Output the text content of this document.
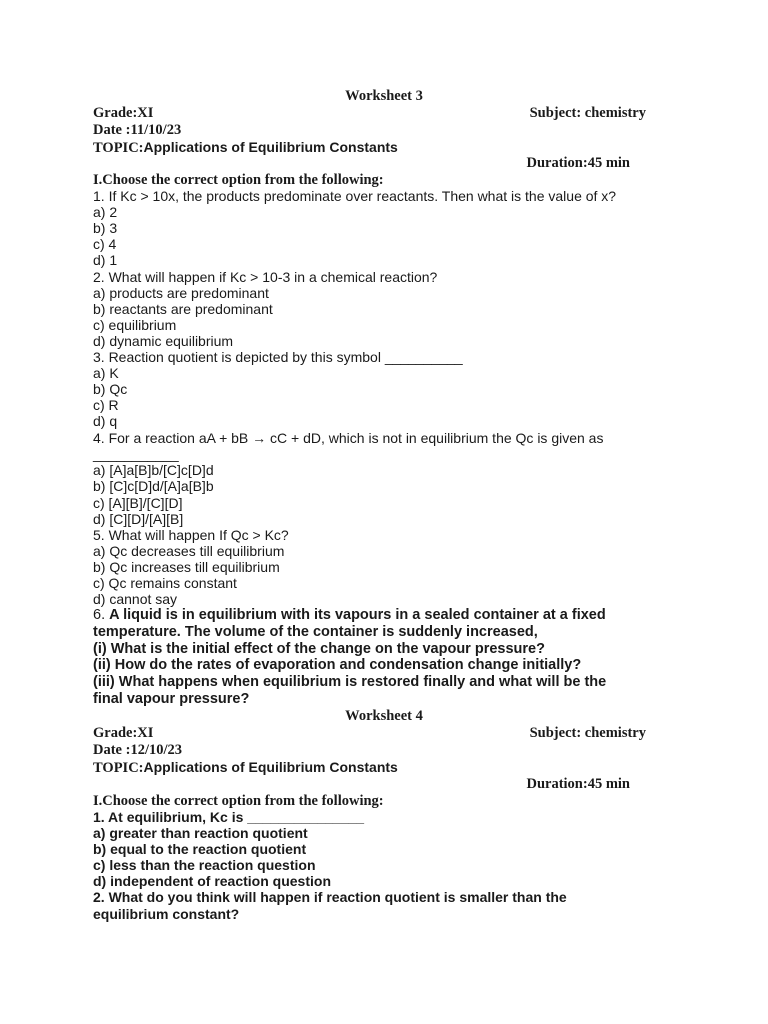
Worksheet 3
Grade:XI	Subject: chemistry
Date :11/10/23
TOPIC:Applications of Equilibrium Constants
Duration:45 min
I.Choose the correct option from the following:
1. If Kc > 10x, the products predominate over reactants. Then what is the value of x?
a) 2
b) 3
c) 4
d) 1
2. What will happen if Kc > 10-3 in a chemical reaction?
a) products are predominant
b) reactants are predominant
c) equilibrium
d) dynamic equilibrium
3. Reaction quotient is depicted by this symbol __________
a) K
b) Qc
c) R
d) q
4. For a reaction aA + bB → cC + dD, which is not in equilibrium the Qc is given as
___________
a) [A]a[B]b/[C]c[D]d
b) [C]c[D]d/[A]a[B]b
c) [A][B]/[C][D]
d) [C][D]/[A][B]
5. What will happen If Qc > Kc?
a) Qc decreases till equilibrium
b) Qc increases till equilibrium
c) Qc remains constant
d) cannot say
6. A liquid is in equilibrium with its vapours in a sealed container at a fixed
temperature. The volume of the container is suddenly increased,
(i) What is the initial effect of the change on the vapour pressure?
(ii) How do the rates of evaporation and condensation change initially?
(iii) What happens when equilibrium is restored finally and what will be the
final vapour pressure?
Worksheet 4
Grade:XI	Subject: chemistry
Date :12/10/23
TOPIC:Applications of Equilibrium Constants
Duration:45 min
I.Choose the correct option from the following:
1. At equilibrium, Kc is _______________
a) greater than reaction quotient
b) equal to the reaction quotient
c) less than the reaction question
d) independent of reaction question
2. What do you think will happen if reaction quotient is smaller than the
equilibrium constant?
